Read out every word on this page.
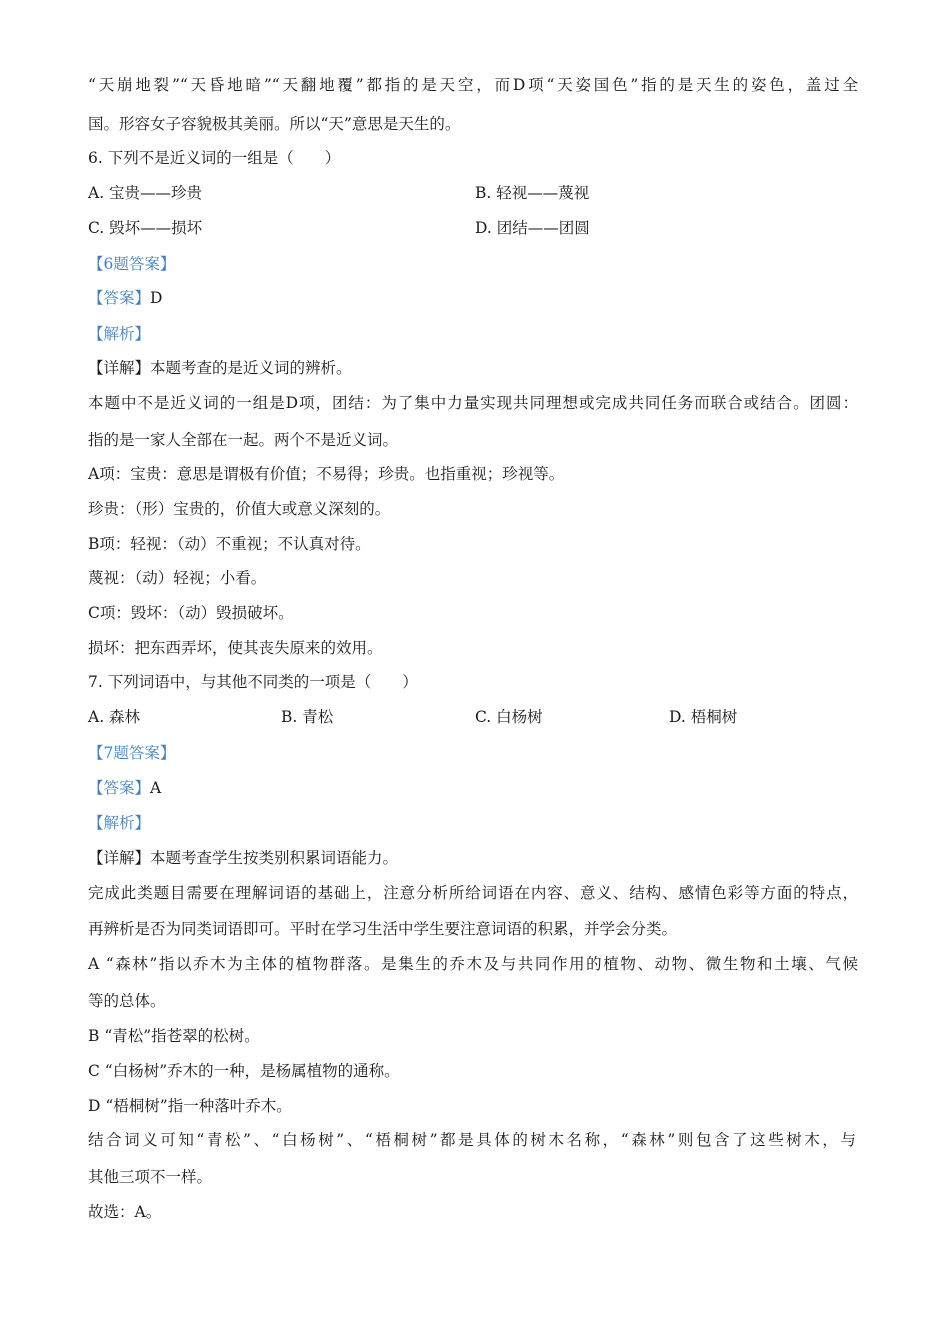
“天崩地裂”“天昏地暗”“天翻地覆”都指的是天空，而D项“天姿国色”指的是天生的姿色，盖过全
国。形容女子容貌极其美丽。所以“天”意思是天生的。
6. 下列不是近义词的一组是（　　）
A. 宝贵——珍贵	B. 轻视——蔑视
C. 毁坏——损坏	D. 团结——团圆
【6题答案】
【答案】D
【解析】
【详解】本题考查的是近义词的辨析。
本题中不是近义词的一组是D项，团结：为了集中力量实现共同理想或完成共同任务而联合或结合。团圆：
指的是一家人全部在一起。两个不是近义词。
A项：宝贵：意思是谓极有价值；不易得；珍贵。也指重视；珍视等。
珍贵：（形）宝贵的，价值大或意义深刻的。
B项：轻视：（动）不重视；不认真对待。
蔑视：（动）轻视；小看。
C项：毁坏：（动）毁损破坏。
损坏：把东西弄坏，使其丧失原来的效用。
7. 下列词语中，与其他不同类的一项是（　　）
A. 森林	B. 青松	C. 白杨树	D. 梧桐树
【7题答案】
【答案】A
【解析】
【详解】本题考查学生按类别积累词语能力。
完成此类题目需要在理解词语的基础上，注意分析所给词语在内容、意义、结构、感情色彩等方面的特点，
再辨析是否为同类词语即可。平时在学习生活中学生要注意词语的积累，并学会分类。
A “森林”指以乔木为主体的植物群落。是集生的乔木及与共同作用的植物、动物、微生物和土壤、气候
等的总体。
B “青松”指苍翠的松树。
C “白杨树”乔木的一种，是杨属植物的通称。
D “梧桐树”指一种落叶乔木。
结合词义可知“青松”、“白杨树”、“梧桐树”都是具体的树木名称，“森林”则包含了这些树木，与
其他三项不一样。
故选：A。
